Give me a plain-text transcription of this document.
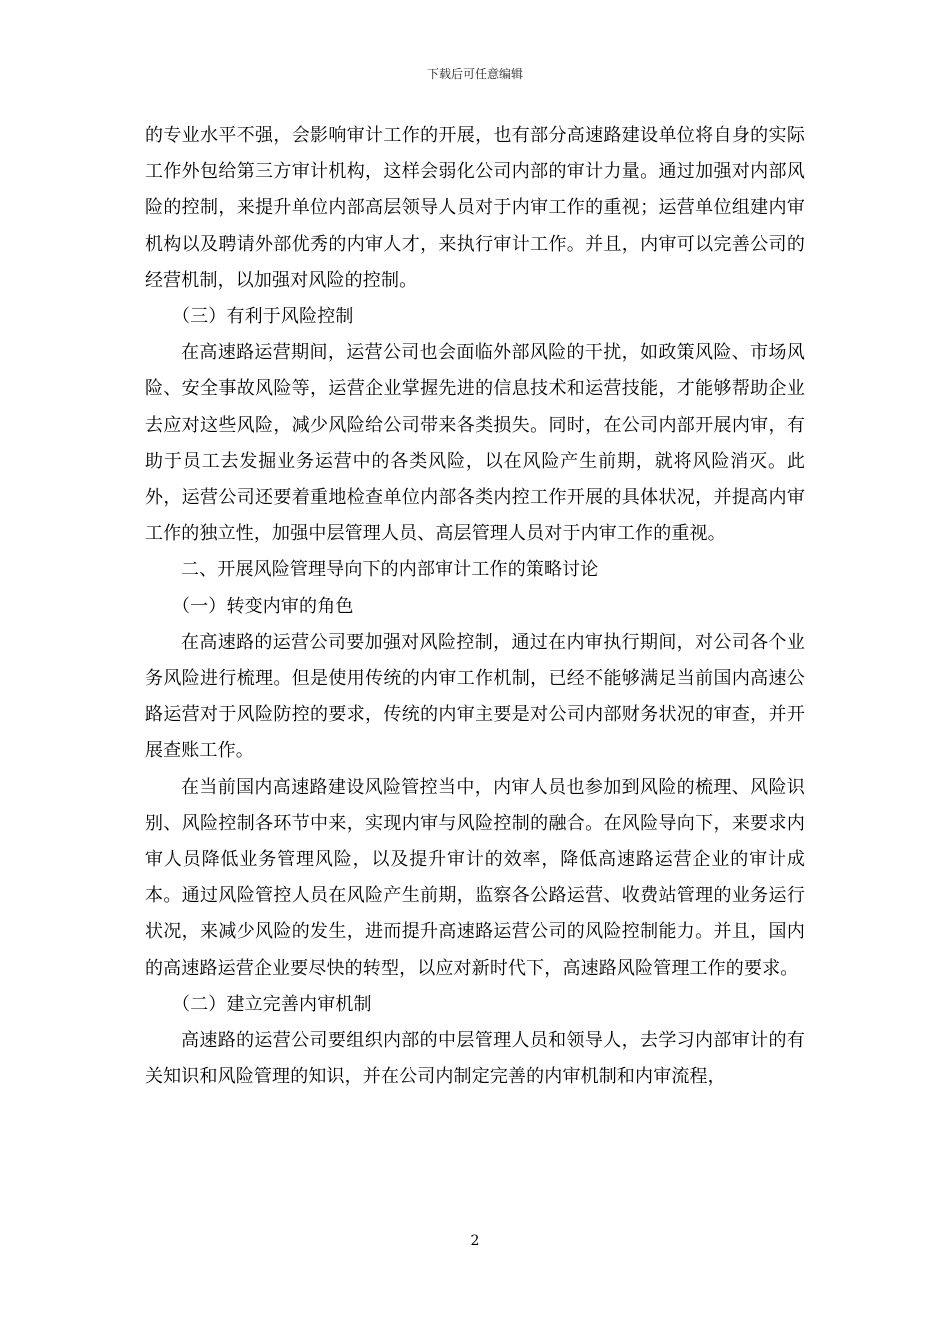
下载后可任意编辑

的专业水平不强，会影响审计工作的开展，也有部分高速路建设单位将自身的实际工作外包给第三方审计机构，这样会弱化公司内部的审计力量。通过加强对内部风险的控制，来提升单位内部高层领导人员对于内审工作的重视；运营单位组建内审机构以及聘请外部优秀的内审人才，来执行审计工作。并且，内审可以完善公司的经营机制，以加强对风险的控制。

（三）有利于风险控制

在高速路运营期间，运营公司也会面临外部风险的干扰，如政策风险、市场风险、安全事故风险等，运营企业掌握先进的信息技术和运营技能，才能够帮助企业去应对这些风险，减少风险给公司带来各类损失。同时，在公司内部开展内审，有助于员工去发掘业务运营中的各类风险，以在风险产生前期，就将风险消灭。此外，运营公司还要着重地检查单位内部各类内控工作开展的具体状况，并提高内审工作的独立性，加强中层管理人员、高层管理人员对于内审工作的重视。

二、开展风险管理导向下的内部审计工作的策略讨论

（一）转变内审的角色

在高速路的运营公司要加强对风险控制，通过在内审执行期间，对公司各个业务风险进行梳理。但是使用传统的内审工作机制，已经不能够满足当前国内高速公路运营对于风险防控的要求，传统的内审主要是对公司内部财务状况的审查，并开展查账工作。

在当前国内高速路建设风险管控当中，内审人员也参加到风险的梳理、风险识别、风险控制各环节中来，实现内审与风险控制的融合。在风险导向下，来要求内审人员降低业务管理风险，以及提升审计的效率，降低高速路运营企业的审计成本。通过风险管控人员在风险产生前期，监察各公路运营、收费站管理的业务运行状况，来减少风险的发生，进而提升高速路运营公司的风险控制能力。并且，国内的高速路运营企业要尽快的转型，以应对新时代下，高速路风险管理工作的要求。

（二）建立完善内审机制

高速路的运营公司要组织内部的中层管理人员和领导人，去学习内部审计的有关知识和风险管理的知识，并在公司内制定完善的内审机制和内审流程，

2
